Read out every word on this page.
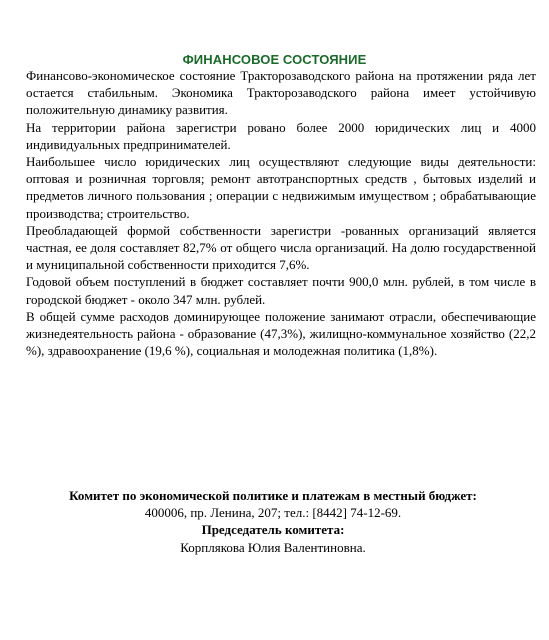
ФИНАНСОВОЕ СОСТОЯНИЕ

Финансово-экономическое состояние Тракторозаводского района на протяжении ряда лет остается стабильным. Экономика Тракторозаводского района имеет устойчивую положительную динамику развития.

На территории района зарегистри рованo более 2000 юридических лиц и 4000 индивидуальных предпринимателей.

Наибольшее число юридических лиц осуществляют следующие виды деятельности: оптовая и розничная торговля; ремонт автотранспортных средств , бытовых изделий и предметов личного пользования ; операции с недвижимым имуществом ; обрабатывающие производства; строительство.

Преобладающей формой собственности зарегистри -рованных организаций является частная, ее доля составляет 82,7% от общего числа организаций. На долю государственной и муниципальной собственности приходится 7,6%.

Годовой объем поступлений в бюджет составляет почти 900,0 млн. рублей, в том числе в городской бюджет - около 347 млн. рублей.

В общей сумме расходов доминирующее положение занимают отрасли, обеспечивающие жизнедеятельность района - образование (47,3%), жилищно-коммунальное хозяйство (22,2 %), здравоохранение (19,6 %), социальная и молодежная политика (1,8%).

Комитет по экономической политике и платежам в местный бюджет:

400006, пр. Ленина, 207; тел.: [8442] 74-12-69.

Председатель комитета:

Корплякова Юлия Валентиновна.
